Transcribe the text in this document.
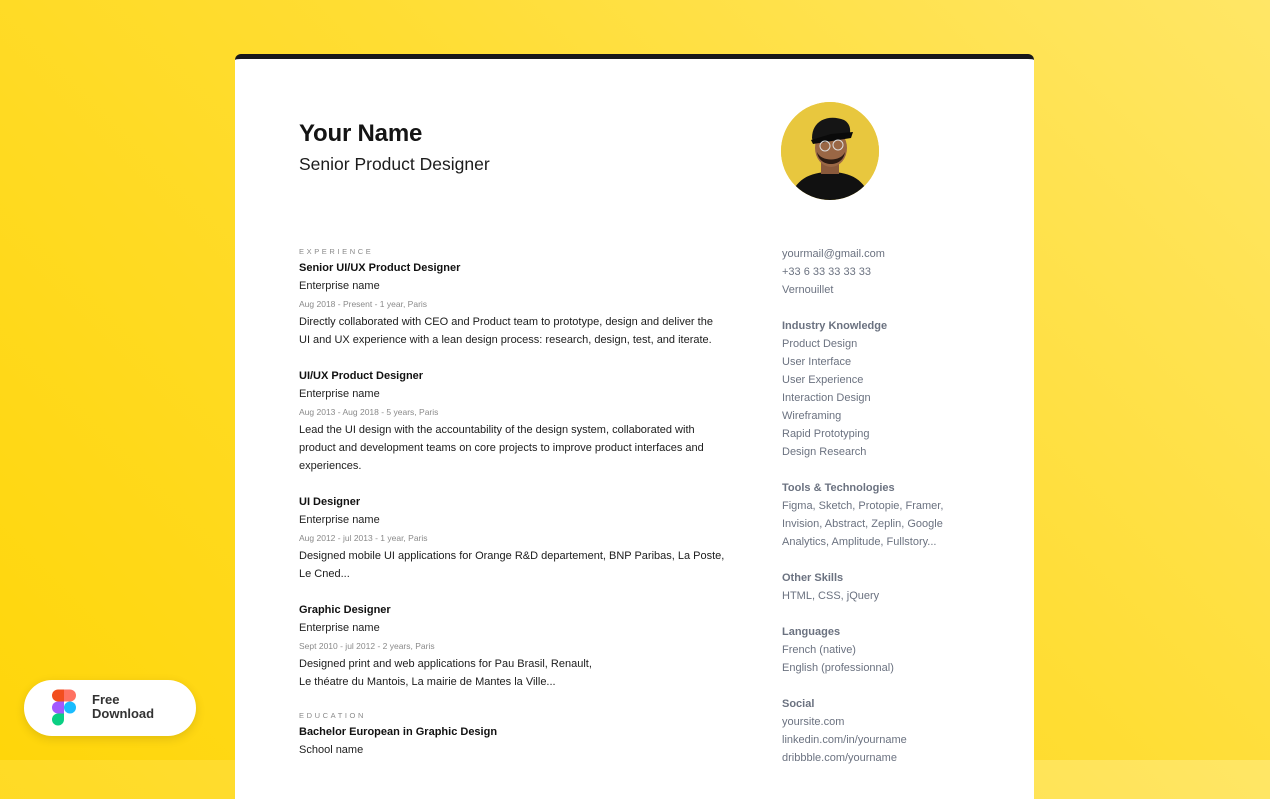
Your Name
Senior Product Designer
EXPERIENCE
Senior UI/UX Product Designer
Enterprise name
Aug 2018 - Present - 1 year, Paris
Directly collaborated with CEO and Product team to prototype, design and deliver the
UI and UX experience with a lean design process: research, design, test, and iterate.
UI/UX Product Designer
Enterprise name
Aug 2013 - Aug 2018 - 5 years, Paris
Lead the UI design with the accountability of the design system, collaborated with
product and development teams on core projects to improve product interfaces and
experiences.
UI Designer
Enterprise name
Aug 2012 - jul 2013 - 1 year, Paris
Designed mobile UI applications for Orange R&D departement, BNP Paribas, La Poste,
Le Cned...
Graphic Designer
Enterprise name
Sept 2010 - jul 2012 - 2 years, Paris
Designed print and web applications for Pau Brasil, Renault,
Le théatre du Mantois, La mairie de Mantes la Ville...
EDUCATION
Bachelor European in Graphic Design
School name
yourmail@gmail.com
+33 6 33 33 33 33
Vernouillet
Industry Knowledge
Product Design
User Interface
User Experience
Interaction Design
Wireframing
Rapid Prototyping
Design Research
Tools & Technologies
Figma, Sketch, Protopie, Framer,
Invision, Abstract, Zeplin, Google
Analytics, Amplitude, Fullstory...
Other Skills
HTML, CSS, jQuery
Languages
French (native)
English (professionnal)
Social
yoursite.com
linkedin.com/in/yourname
dribbble.com/yourname
Free
Download
